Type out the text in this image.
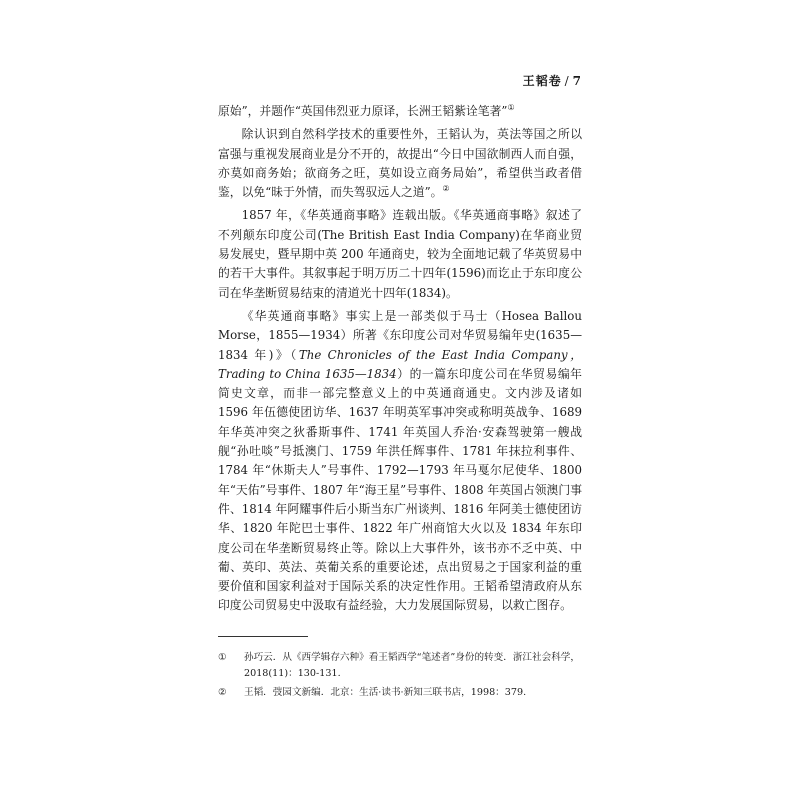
王韬卷 / 7

原始”，并题作“英国伟烈亚力原译，长洲王韬紫诠笔著”①

除认识到自然科学技术的重要性外，王韬认为，英法等国之所以富强与重视发展商业是分不开的，故提出“今日中国欲制西人而自强，亦莫如商务始；欲商务之旺，莫如设立商务局始”，希望供当政者借鉴，以免“昧于外情，而失驾驭远人之道”。②

1857 年，《华英通商事略》连载出版。《华英通商事略》叙述了不列颠东印度公司(The British East India Company)在华商业贸易发展史，暨早期中英 200 年通商史，较为全面地记载了华英贸易中的若干大事件。其叙事起于明万历二十四年(1596)而讫止于东印度公司在华垄断贸易结束的清道光十四年(1834)。

《华英通商事略》事实上是一部类似于马士（Hosea Ballou Morse，1855—1934）所著《东印度公司对华贸易编年史(1635—1834 年)》（The Chronicles of the East India Company，Trading to China 1635—1834）的一篇东印度公司在华贸易编年简史文章，而非一部完整意义上的中英通商通史。文内涉及诸如 1596 年伍德使团访华、1637 年明英军事冲突或称明英战争、1689 年华英冲突之狄番斯事件、1741 年英国人乔治·安森驾驶第一艘战舰“孙吐啖”号抵澳门、1759 年洪任辉事件、1781 年抹拉利事件、1784 年“休斯夫人”号事件、1792—1793 年马戛尔尼使华、1800 年“天佑”号事件、1807 年“海王星”号事件、1808 年英国占领澳门事件、1814 年阿耀事件后小斯当东广州谈判、1816 年阿美士德使团访华、1820 年陀巴士事件、1822 年广州商馆大火以及 1834 年东印度公司在华垄断贸易终止等。除以上大事件外，该书亦不乏中英、中葡、英印、英法、英葡关系的重要论述，点出贸易之于国家利益的重要价值和国家利益对于国际关系的决定性作用。王韬希望清政府从东印度公司贸易史中汲取有益经验，大力发展国际贸易，以救亡图存。

①	孙巧云．从《西学辑存六种》看王韬西学“笔述者”身份的转变．浙江社会科学，2018(11)：130-131.
②	王韬．弢园文新编．北京：生活·读书·新知三联书店，1998：379.
